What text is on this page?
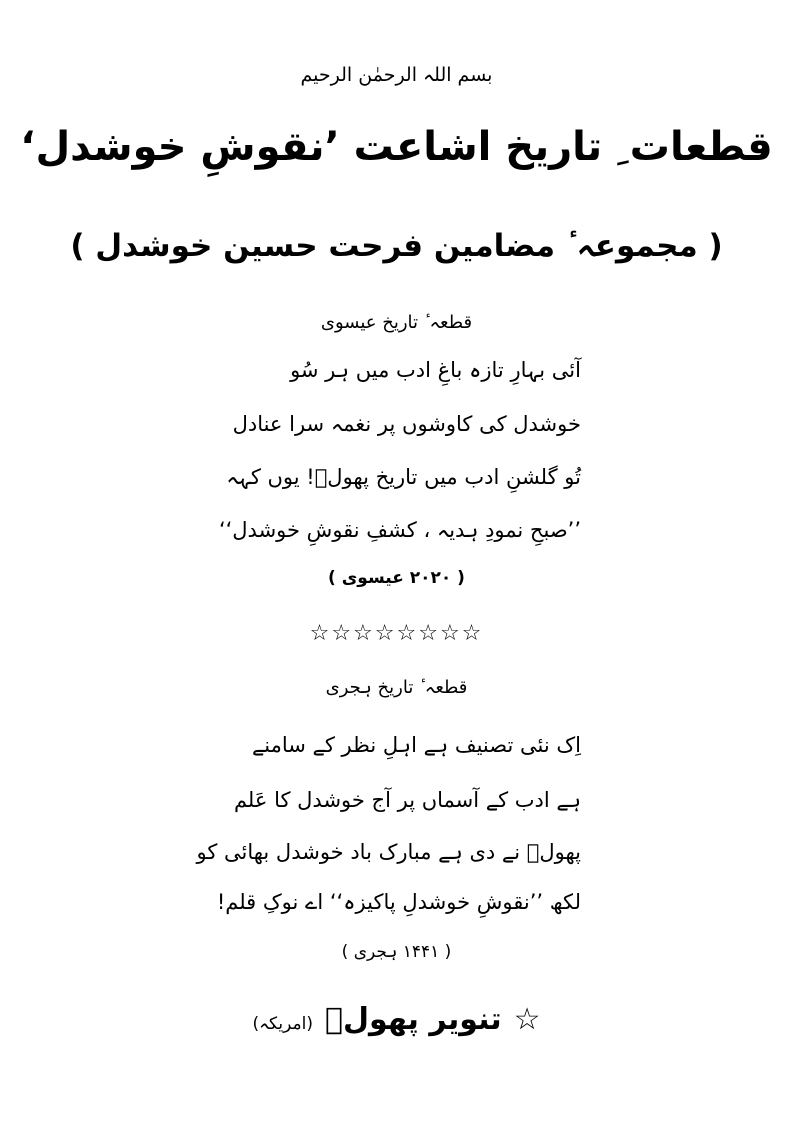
بسم اللہ الرحمٰن الرحیم
قطعات ِ تاریخ اشاعت ’نقوشِ خوشدل‘
( مجموعہ ٔ مضامین فرحت حسین خوشدل )
قطعہ ٔ تاریخ عیسوی
آئی بہارِ تازہ باغِ ادب میں ہر سُو
خوشدل کی کاوشوں پر نغمہ سرا عنادل
تُو گلشنِ ادب میں تاریخ پھولؔ! یوں کہہ
’’صبحِ نمودِ ہدیہ ، کشفِ نقوشِ خوشدل‘‘
( ۲۰۲۰ عیسوی )
☆☆☆☆☆☆☆☆
قطعہ ٔ تاریخ ہجری
اِک نئی تصنیف ہے اہلِ نظر کے سامنے
ہے ادب کے آسماں پر آج خوشدل کا عَلم
پھولؔ نے دی ہے مبارک باد خوشدل بھائی کو
لکھ ’’نقوشِ خوشدلِ پاکیزہ‘‘ اے نوکِ قلم!
( ۱۴۴۱ ہجری )
☆
تنویر پھولؔ
(امریکہ)
